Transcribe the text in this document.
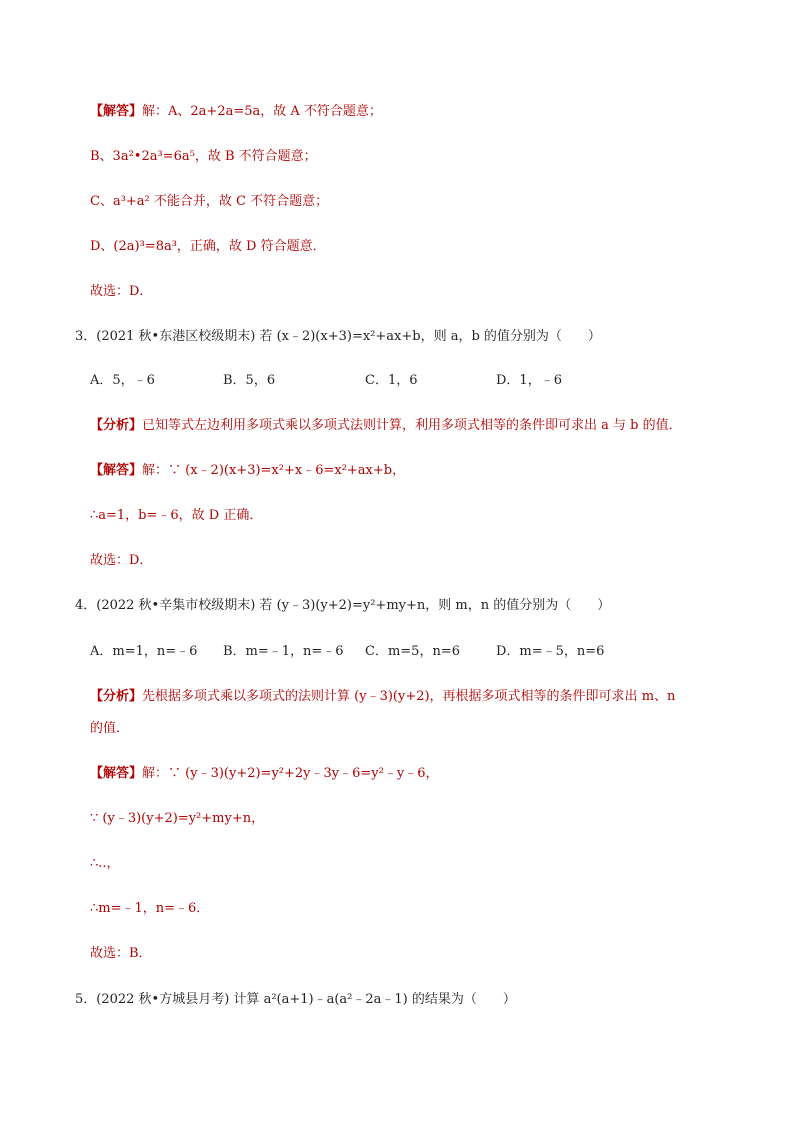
【解答】解：A、2a+2a=5a，故 A 不符合题意；
B、3a²•2a³=6a⁵，故 B 不符合题意；
C、a³+a² 不能合并，故 C 不符合题意；
D、(2a)³=8a³，正确，故 D 符合题意．
故选：D．
3．(2021 秋•东港区校级期末) 若 (x﹣2)(x+3)=x²+ax+b，则 a，b 的值分别为（　　）
A．5，﹣6	B．5，6	C．1，6	D．1，﹣6
【分析】已知等式左边利用多项式乘以多项式法则计算，利用多项式相等的条件即可求出 a 与 b 的值．
【解答】解：∵ (x﹣2)(x+3)=x²+x﹣6=x²+ax+b，
∴a=1，b=﹣6，故 D 正确．
故选：D．
4．(2022 秋•辛集市校级期末) 若 (y﹣3)(y+2)=y²+my+n，则 m，n 的值分别为（　　）
A．m=1，n=﹣6 B．m=﹣1，n=﹣6 C．m=5，n=6	D．m=﹣5，n=6
【分析】先根据多项式乘以多项式的法则计算 (y﹣3)(y+2)，再根据多项式相等的条件即可求出 m、n
的值．
【解答】解：∵ (y﹣3)(y+2)=y²+2y﹣3y﹣6=y²﹣y﹣6，
∵ (y﹣3)(y+2)=y²+my+n，
∴..，
∴m=﹣1，n=﹣6．
故选：B．
5．(2022 秋•方城县月考) 计算 a²(a+1)﹣a(a²﹣2a﹣1) 的结果为（　　）
